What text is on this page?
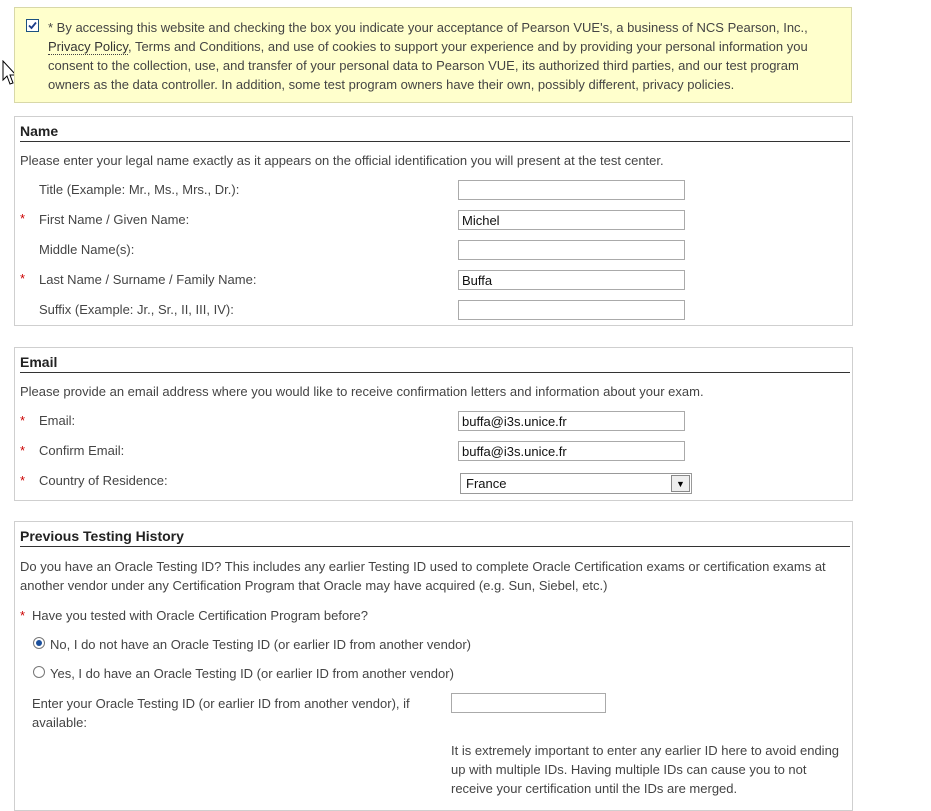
* By accessing this website and checking the box you indicate your acceptance of Pearson VUE's, a business of NCS Pearson, Inc.,
Privacy Policy, Terms and Conditions, and use of cookies to support your experience and by providing your personal information you consent to the collection, use, and transfer of your personal data to Pearson VUE, its authorized third parties, and our test program owners as the data controller. In addition, some test program owners have their own, possibly different, privacy policies.
Name
Please enter your legal name exactly as it appears on the official identification you will present at the test center.
Title (Example: Mr., Ms., Mrs., Dr.):
* First Name / Given Name:
Michel
Middle Name(s):
* Last Name / Surname / Family Name:
Buffa
Suffix (Example: Jr., Sr., II, III, IV):
Email
Please provide an email address where you would like to receive confirmation letters and information about your exam.
* Email:
buffa@i3s.unice.fr
* Confirm Email:
buffa@i3s.unice.fr
* Country of Residence:	France	▼
Previous Testing History
Do you have an Oracle Testing ID? This includes any earlier Testing ID used to complete Oracle Certification exams or certification exams at another vendor under any Certification Program that Oracle may have acquired (e.g. Sun, Siebel, etc.)
* Have you tested with Oracle Certification Program before?
No, I do not have an Oracle Testing ID (or earlier ID from another vendor)
Yes, I do have an Oracle Testing ID (or earlier ID from another vendor)
Enter your Oracle Testing ID (or earlier ID from another vendor), if available:
It is extremely important to enter any earlier ID here to avoid ending up with multiple IDs. Having multiple IDs can cause you to not receive your certification until the IDs are merged.
